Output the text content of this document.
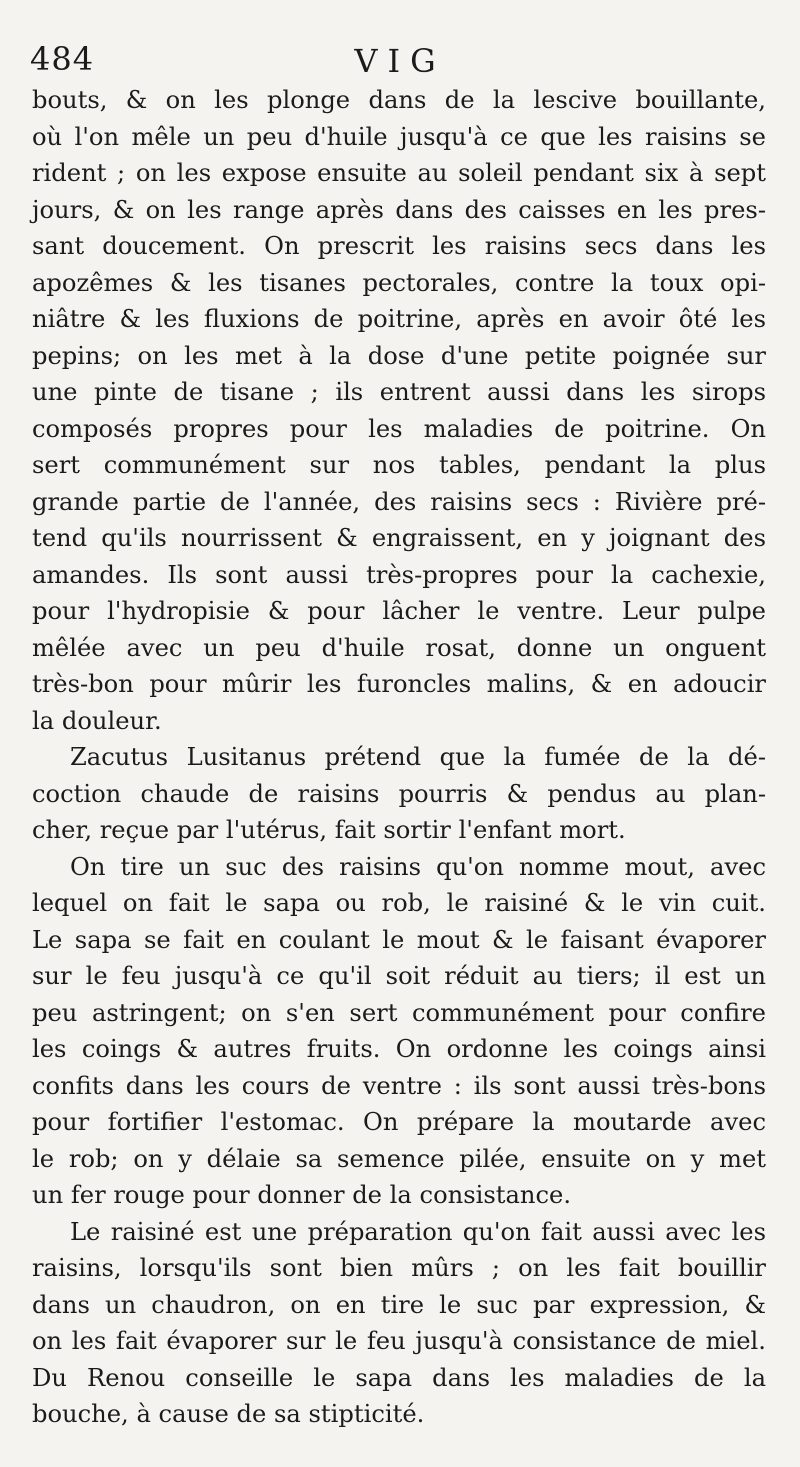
484	VIG
bouts, & on les plonge dans de la lescive bouillante,
où l'on mêle un peu d'huile jusqu'à ce que les raisins se
rident ; on les expose ensuite au soleil pendant six à sept
jours, & on les range après dans des caisses en les pres-
sant doucement. On prescrit les raisins secs dans les
apozêmes & les tisanes pectorales, contre la toux opi-
niâtre & les fluxions de poitrine, après en avoir ôté les
pepins; on les met à la dose d'une petite poignée sur
une pinte de tisane ; ils entrent aussi dans les sirops
composés propres pour les maladies de poitrine. On
sert communément sur nos tables, pendant la plus
grande partie de l'année, des raisins secs : Rivière pré-
tend qu'ils nourrissent & engraissent, en y joignant des
amandes. Ils sont aussi très-propres pour la cachexie,
pour l'hydropisie & pour lâcher le ventre. Leur pulpe
mêlée avec un peu d'huile rosat, donne un onguent
très-bon pour mûrir les furoncles malins, & en adoucir
la douleur.
Zacutus Lusitanus prétend que la fumée de la dé-
coction chaude de raisins pourris & pendus au plan-
cher, reçue par l'utérus, fait sortir l'enfant mort.
On tire un suc des raisins qu'on nomme mout, avec
lequel on fait le sapa ou rob, le raisiné & le vin cuit.
Le sapa se fait en coulant le mout & le faisant évaporer
sur le feu jusqu'à ce qu'il soit réduit au tiers; il est un
peu astringent; on s'en sert communément pour confire
les coings & autres fruits. On ordonne les coings ainsi
confits dans les cours de ventre : ils sont aussi très-bons
pour fortifier l'estomac. On prépare la moutarde avec
le rob; on y délaie sa semence pilée, ensuite on y met
un fer rouge pour donner de la consistance.
Le raisiné est une préparation qu'on fait aussi avec les
raisins, lorsqu'ils sont bien mûrs ; on les fait bouillir
dans un chaudron, on en tire le suc par expression, &
on les fait évaporer sur le feu jusqu'à consistance de miel.
Du Renou conseille le sapa dans les maladies de la
bouche, à cause de sa stipticité.
